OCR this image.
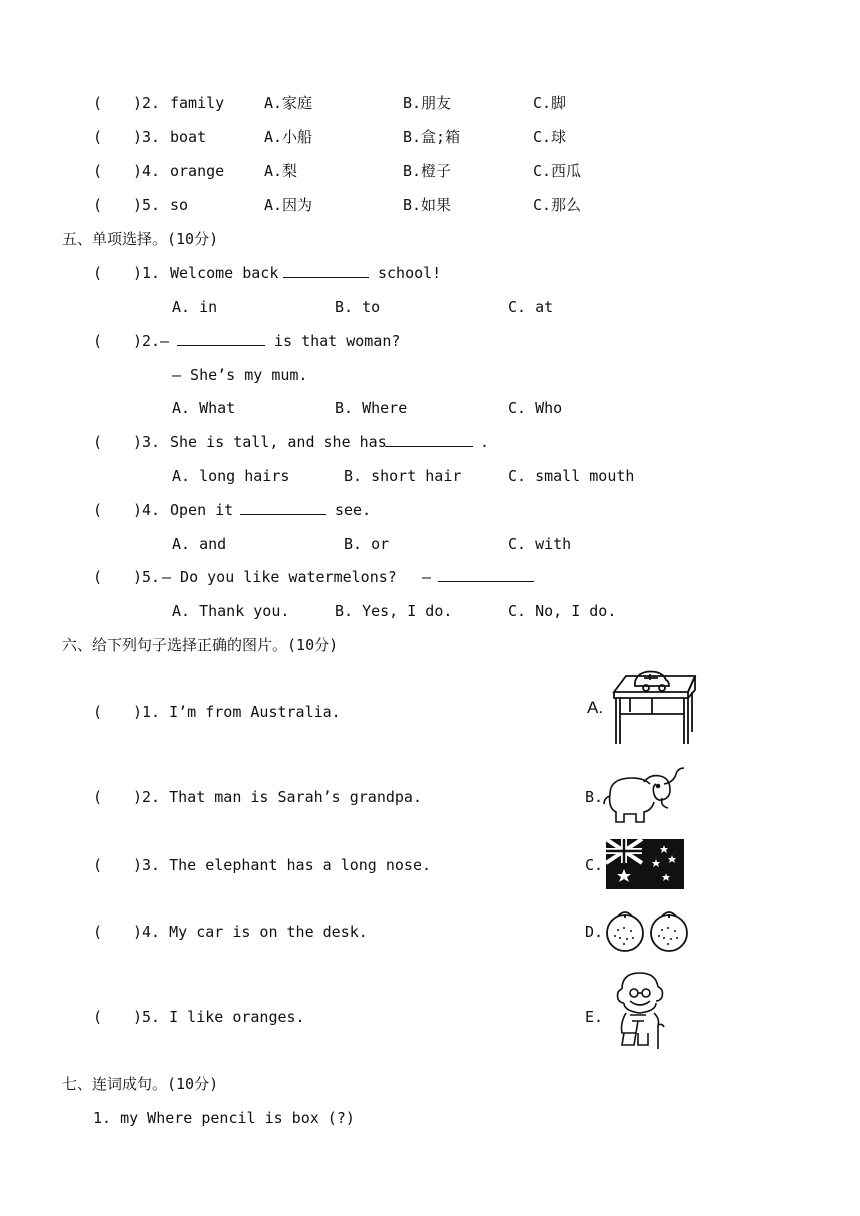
( )2. family	A.家庭	B.朋友	C.脚
( )3. boat	A.小船	B.盒;箱	C.球
( )4. orange	A.梨	B.橙子	C.西瓜
( )5. so	A.因为	B.如果	C.那么
五、单项选择。(10分)
( )1. Welcome back	school!
A. in	B. to	C. at
( )2.—	is that woman?
— She’s my mum.
A. What	B. Where	C. Who
( )3. She is tall, and she has	.
A. long hairs	B. short hair	C. small mouth
( )4. Open it	see.
A. and	B. or	C. with
( )5. — Do you like watermelons? —
A. Thank you.	B. Yes, I do.	C. No, I do.
六、给下列句子选择正确的图片。(10分)
( )1. I’m from Australia.
( )2. That man is Sarah’s grandpa.
( )3. The elephant has a long nose.
( )4. My car is on the desk.
( )5. I like oranges.
A.
B.
C.
D.
E.
七、连词成句。(10分)
1. my Where pencil is box (?)
